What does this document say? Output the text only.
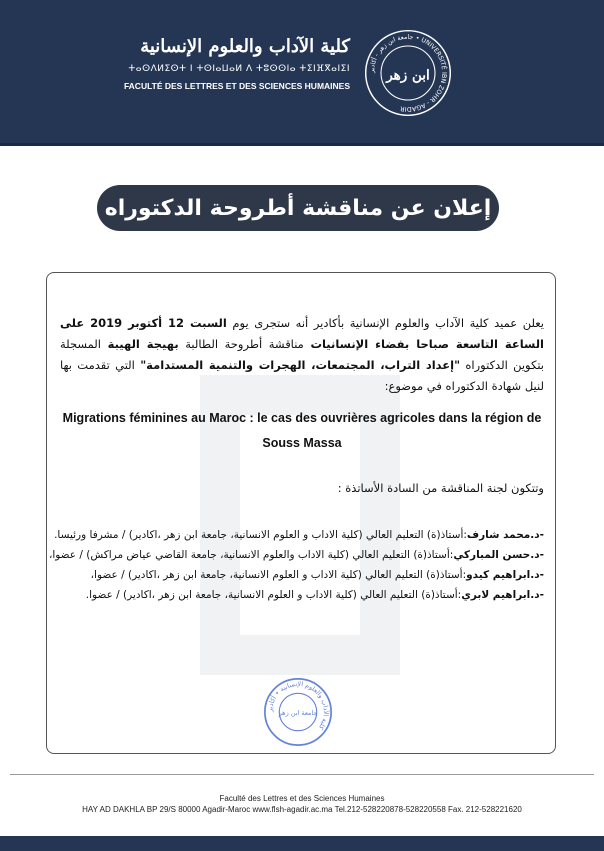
كلية الآداب والعلوم الإنسانية
ⵜⴰⵙⴷⵍⵉⵙⵜ ⵏ ⵜⵙⵏⴰⵡⴰⵍ ⴷ ⵜⵓⵙⵙⵏⴰ ⵜⵉⵏⴼⴳⴰⵏⵉⵏ
FACULTÉ DES LETTRES ET DES SCIENCES HUMAINES
جامعة ابن زهر - أكادير • UNIVERSITÉ IBN ZOHR - AGADIR
ابن زهر
إعلان عن مناقشة أطروحة الدكتوراه

يعلن عميد كلية الآداب والعلوم الإنسانية بأكادير أنه ستجرى يوم السبت 12 أكتوبر 2019 على الساعة التاسعة صباحا بفضاء الإنسانيات مناقشة أطروحة الطالبة بهيجة الهيبة المسجلة بتكوين الدكتوراه "إعداد التراب، المجتمعات، الهجرات والتنمية المستدامة" التي تقدمت بها لنيل شهادة الدكتوراه في موضوع:

Migrations féminines au Maroc : le cas des ouvrières agricoles dans la région de Souss Massa
وتتكون لجنة المناقشة من السادة الأساتذة :
-د.محمد شارف:أستاذ(ة) التعليم العالي (كلية الاداب و العلوم الانسانية، جامعة ابن زهر ،اكادير) / مشرفا ورئيسا.
-د.حسن المباركي:أستاذ(ة) التعليم العالي (كلية الاداب والعلوم الانسانية، جامعة القاضي عياض مراكش) / عضوا،
-د.ابراهيم كيدو:أستاذ(ة) التعليم العالي (كلية الاداب و العلوم الانسانية، جامعة ابن زهر ،اكادير) / عضوا،
-د.ابراهيم لابري:أستاذ(ة) التعليم العالي (كلية الاداب و العلوم الانسانية، جامعة ابن زهر ،اكادير) / عضوا.
كلية الآداب والعلوم الإنسانية • أكادير
جامعة ابن زهر
Faculté des Lettres et des Sciences Humaines
HAY AD DAKHLA BP 29/S 80000 Agadir-Maroc www.flsh-agadir.ac.ma Tel.212-528220878-528220558 Fax. 212-528221620
